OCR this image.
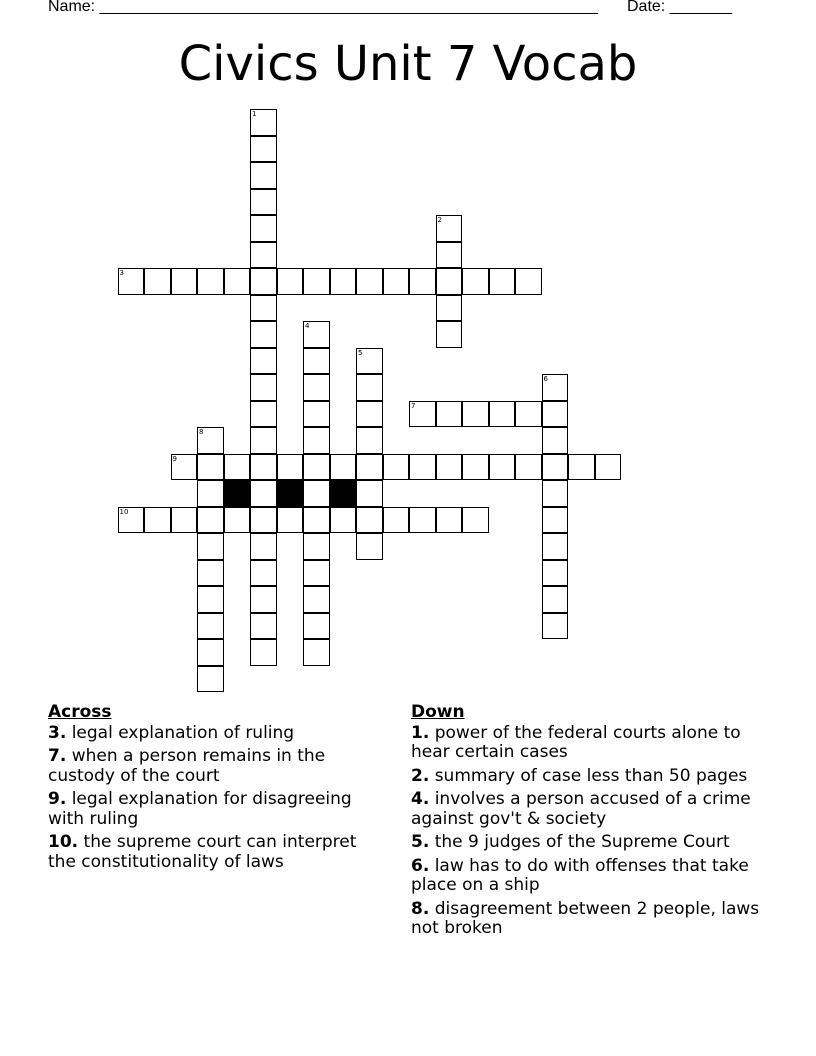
Name: ________________________________________________________ Date: _______
Civics Unit 7 Vocab
1
3
2
4
5
6
7
8
9
10
Across
3. legal explanation of ruling
7. when a person remains in the custody of the court
9. legal explanation for disagreeing with ruling
10. the supreme court can interpret the constitutionality of laws
Down
1. power of the federal courts alone to hear certain cases
2. summary of case less than 50 pages
4. involves a person accused of a crime against gov't & society
5. the 9 judges of the Supreme Court
6. law has to do with offenses that take place on a ship
8. disagreement between 2 people, laws not broken
